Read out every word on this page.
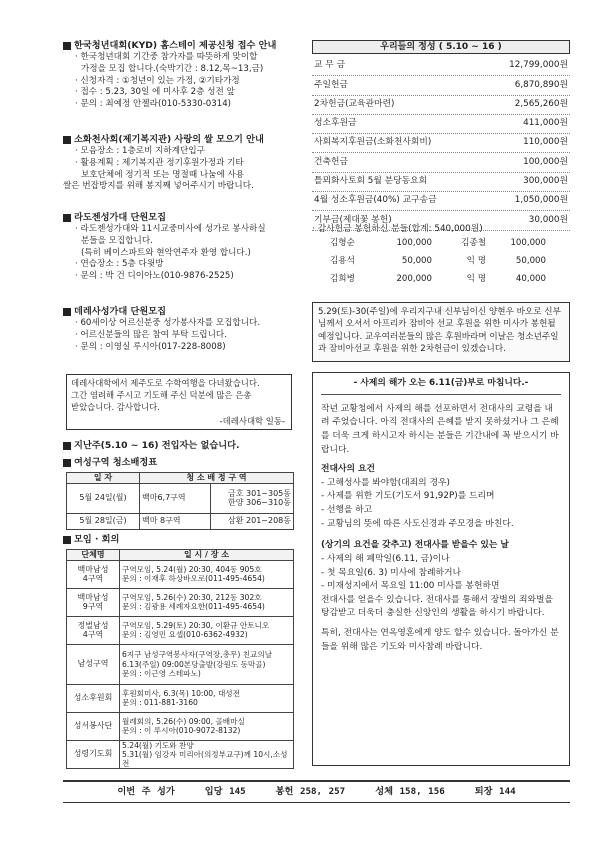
한국청년대회(KYD) 홈스테이 제공신청 접수 안내
· 한국청년대회 기간중 참가자를 따뜻하게 맞이할
가정을 모집 합니다.(숙박기간 : 8.12,목~13,금)
· 신청자격 : ①청년이 있는 가정, ②기타가정
· 접수 : 5.23, 30일 에 미사후 2층 성전 앞
· 문의 : 최예정 안젤라(010-5330-0314)
소화천사회(제기복지관) 사랑의 쌀 모으기 안내
· 모음장소 : 1층로비 지하계단입구
· 활용계획 : 제기복지관 정기후원가정과 기타
보호단체에 정기적 또는 명절때 나눔에 사용
쌀은 번잡방지를 위해 봉지째 넣어주시기 바랍니다.
라도젠성가대 단원모집
· 라도젠성가대와 11시교중미사에 성가로 봉사하실
분들을 모집합니다.
(특히 베이스파트와 현악연주자 환영 합니다.)
· 연습장소 : 5층 다윗방
· 문의 : 박 건 디이아노(010-9876-2525)
데레사성가대 단원모집
· 60세이상 어르신분중 성가봉사자를 모집합니다.
· 어르신분들의 많은 참여 부탁 드립니다.
· 문의 : 이영실 루시아(017-228-8008)
데레사대학에서 제주도로 수학여행을 다녀왔습니다.
그간 염려해 주시고 기도해 주신 덕분에 많은 은총
받았습니다. 감사합니다.
-데레사대학 일동-
지난주(5.10 ~ 16) 전입자는 없습니다.
여성구역 청소배정표
일 자	청 소 배 정 구 역	
5월 24일(월)	백마6,7구역	금호 301~305동
한양 306~310동
5월 28일(금)	백마 8구역	삼환 201~208동
모임 · 회의
단체명	일 시 / 장 소
백마남성
4구역	구역모임, 5.24(월) 20:30, 404동 905호
문의 : 이재후 하상바오로(011-495-4654)
백마남성
9구역	구역모임, 5.26(수) 20:30, 212동 302호
문의 : 김광용 세례자요한(011-495-4654)
정벌남성
4구역	구역모임, 5.29(토) 20:30, 이환규 안토니오
문의 : 김영민 요셉(010-6362-4932)
남성구역	6지구 남성구역봉사자(구역장,총무) 친교의날
6.13(주일) 09:00본당출발(강원도 동막골)
문의 : 이근영 스테파노)
성소후원회	후원회미사, 6.3(목) 10:00, 대성전
문의 : 011-881-3160
성서봉사단	월례회의, 5.26(수) 09:00, 골배마실
문의 : 이 루시아(010-9072-8132)
성령기도회	5.24(월) 기도와 찬양
5.31(월) 임강자 미리아(의정부교구)께 10시,소성전
우리들의 정성 ( 5.10 ~ 16 )
교 무 금	12,799,000원
주일헌금	6,870,890원
2차헌금(교육관마련)	2,565,260원
성소후원금	411,000원
사회복지후원금(소화천사회비)	110,000원
건축헌금	100,000원
틀뫼화사토회 5월 분당동요회	300,000원
4월 성소후원금(40%) 교구송금	1,050,000원
기부금(제대꽃 봉헌)	30,000원
· 감사헌금 봉헌하신 분들(합계: 540,000원)
김형순	100,000	김종철	100,000
김용석	50,000	익 명	50,000
김희병	200,000	익 명	40,000
5.29(토)-30(주일)에 우리지구내 신부님이신 양현우 바오로 신부님께서 오셔서 아프리카 잠비아 선교 후원을 위한 미사가 봉헌될 예정입니다. 교우여러분들의 많은 후원바라며 이날은 청소년주일과 잠비아선교 후원을 위한 2차헌금이 있겠습니다.
- 사제의 해가 오는 6.11(금)부로 마침니다.-

작년 교황청에서 사제의 해를 선포하면서 전대사의 교령을 내려 주었습니다. 아직 전대사의 은혜를 받지 못하셨거나 그 은혜를 더욱 크게 하시고자 하시는 분들은 기간내에 꼭 받으시기 바랍니다.

전대사의 요건
- 고해성사를 봐야함(대죄의 경우)
- 사제를 위한 기도(기도서 91,92P)를 드리며
- 선행을 하고
- 교황님의 뜻에 따른 사도신경과 주모경을 바친다.
(상기의 요건을 갖추고) 전대사를 받을수 있는 날
- 사제의 해 폐막일(6.11, 금)이나
- 첫 목요일(6. 3) 미사에 참례하거나
- 미재성지에서 목요일 11:00 미사를 봉헌하면

전대사를 얻을수 있습니다. 전대사를 통해서 장벌의 죄와벌을 탕감받고 더욱더 충실한 신앙인의 생활을 하시기 바랍니다.

특히, 전대사는 연옥영혼에게 양도 할수 있습니다. 돌아가신 분들을 위해 많은 기도와 미사참례 바랍니다.

이번 주 성가	입당 145	봉헌 258, 257	성체 158, 156	퇴장 144
